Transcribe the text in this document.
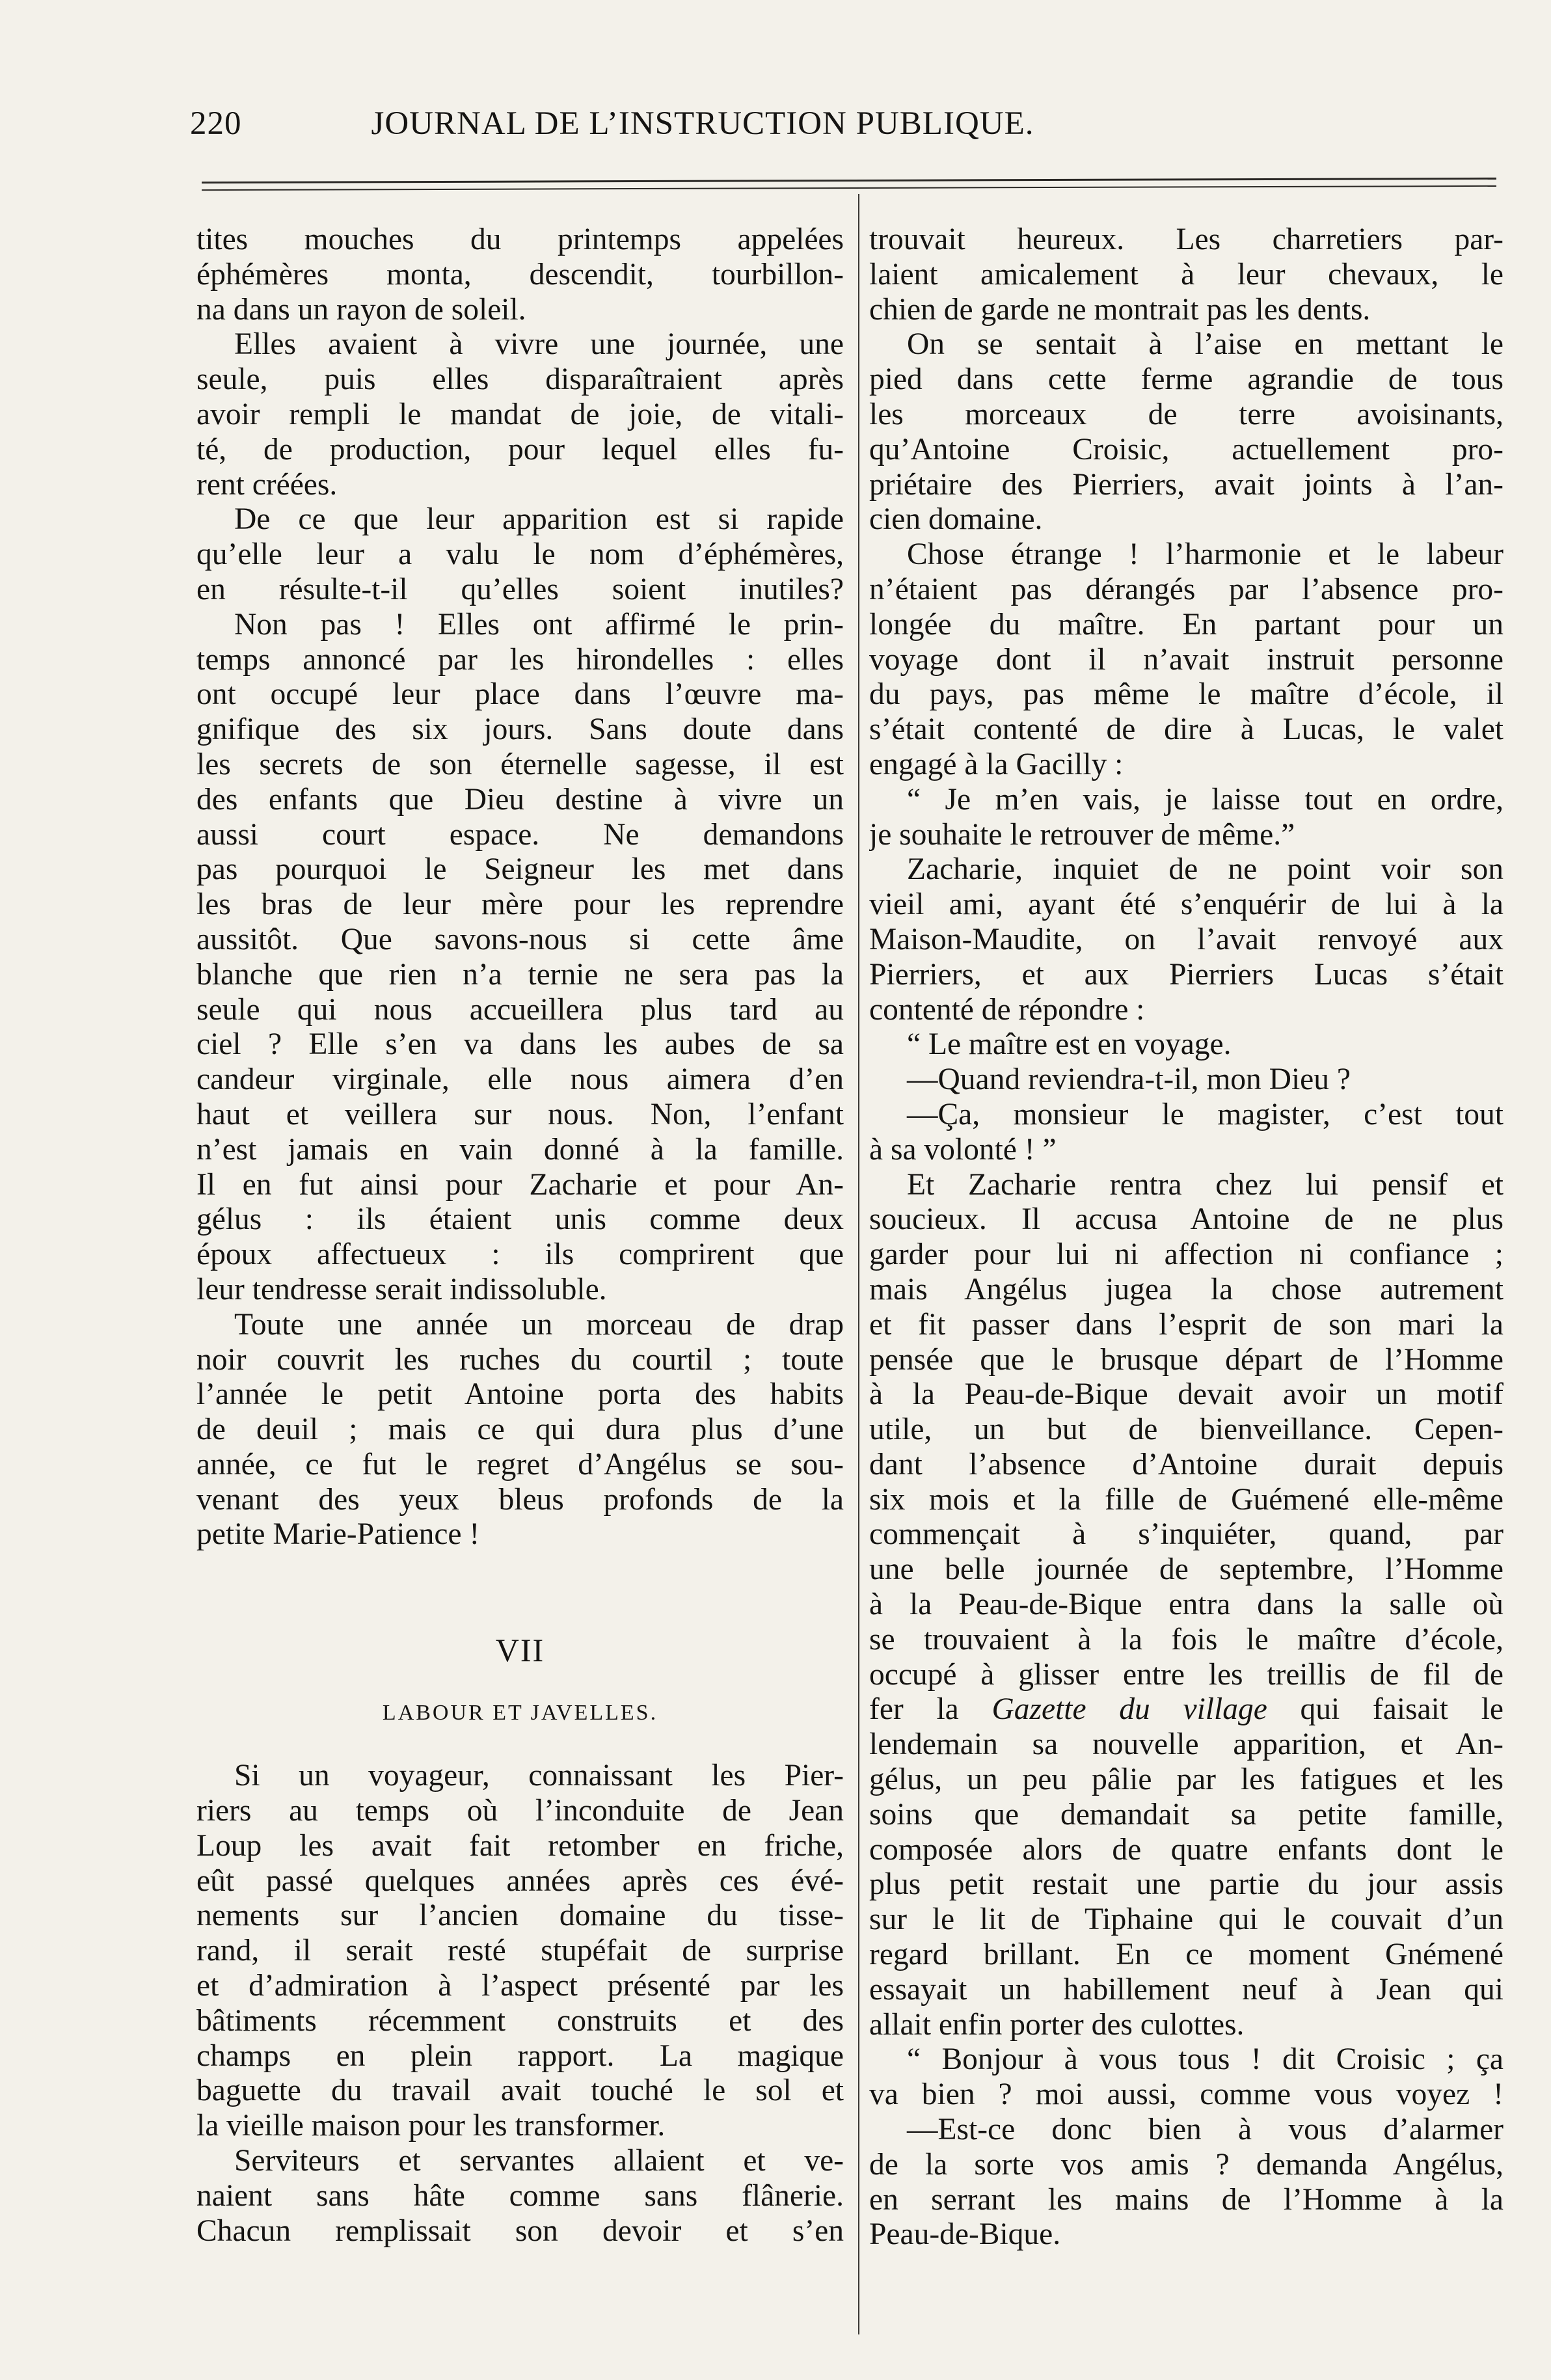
220	JOURNAL DE L’INSTRUCTION PUBLIQUE.
tites mouches du printemps appelées
éphémères monta, descendit, tourbillon-
na dans un rayon de soleil.
Elles avaient à vivre une journée, une
seule, puis elles disparaîtraient après
avoir rempli le mandat de joie, de vitali-
té, de production, pour lequel elles fu-
rent créées.
De ce que leur apparition est si rapide
qu’elle leur a valu le nom d’éphémères,
en résulte-t-il qu’elles soient inutiles?
Non pas ! Elles ont affirmé le prin-
temps annoncé par les hirondelles : elles
ont occupé leur place dans l’œuvre ma-
gnifique des six jours. Sans doute dans
les secrets de son éternelle sagesse, il est
des enfants que Dieu destine à vivre un
aussi court espace. Ne demandons
pas pourquoi le Seigneur les met dans
les bras de leur mère pour les reprendre
aussitôt. Que savons-nous si cette âme
blanche que rien n’a ternie ne sera pas la
seule qui nous accueillera plus tard au
ciel ? Elle s’en va dans les aubes de sa
candeur virginale, elle nous aimera d’en
haut et veillera sur nous. Non, l’enfant
n’est jamais en vain donné à la famille.
Il en fut ainsi pour Zacharie et pour An-
gélus : ils étaient unis comme deux
époux affectueux : ils comprirent que
leur tendresse serait indissoluble.
Toute une année un morceau de drap
noir couvrit les ruches du courtil ; toute
l’année le petit Antoine porta des habits
de deuil ; mais ce qui dura plus d’une
année, ce fut le regret d’Angélus se sou-
venant des yeux bleus profonds de la
petite Marie-Patience !
VII
LABOUR ET JAVELLES.
Si un voyageur, connaissant les Pier-
riers au temps où l’inconduite de Jean
Loup les avait fait retomber en friche,
eût passé quelques années après ces évé-
nements sur l’ancien domaine du tisse-
rand, il serait resté stupéfait de surprise
et d’admiration à l’aspect présenté par les
bâtiments récemment construits et des
champs en plein rapport. La magique
baguette du travail avait touché le sol et
la vieille maison pour les transformer.
Serviteurs et servantes allaient et ve-
naient sans hâte comme sans flânerie.
Chacun remplissait son devoir et s’en
trouvait heureux. Les charretiers par-
laient amicalement à leur chevaux, le
chien de garde ne montrait pas les dents.
On se sentait à l’aise en mettant le
pied dans cette ferme agrandie de tous
les morceaux de terre avoisinants,
qu’Antoine Croisic, actuellement pro-
priétaire des Pierriers, avait joints à l’an-
cien domaine.
Chose étrange ! l’harmonie et le labeur
n’étaient pas dérangés par l’absence pro-
longée du maître. En partant pour un
voyage dont il n’avait instruit personne
du pays, pas même le maître d’école, il
s’était contenté de dire à Lucas, le valet
engagé à la Gacilly :
“ Je m’en vais, je laisse tout en ordre,
je souhaite le retrouver de même.”
Zacharie, inquiet de ne point voir son
vieil ami, ayant été s’enquérir de lui à la
Maison-Maudite, on l’avait renvoyé aux
Pierriers, et aux Pierriers Lucas s’était
contenté de répondre :
“ Le maître est en voyage.
—Quand reviendra-t-il, mon Dieu ?
—Ça, monsieur le magister, c’est tout
à sa volonté ! ”
Et Zacharie rentra chez lui pensif et
soucieux. Il accusa Antoine de ne plus
garder pour lui ni affection ni confiance ;
mais Angélus jugea la chose autrement
et fit passer dans l’esprit de son mari la
pensée que le brusque départ de l’Homme
à la Peau-de-Bique devait avoir un motif
utile, un but de bienveillance. Cepen-
dant l’absence d’Antoine durait depuis
six mois et la fille de Guémené elle-même
commençait à s’inquiéter, quand, par
une belle journée de septembre, l’Homme
à la Peau-de-Bique entra dans la salle où
se trouvaient à la fois le maître d’école,
occupé à glisser entre les treillis de fil de
fer la Gazette du village qui faisait le
lendemain sa nouvelle apparition, et An-
gélus, un peu pâlie par les fatigues et les
soins que demandait sa petite famille,
composée alors de quatre enfants dont le
plus petit restait une partie du jour assis
sur le lit de Tiphaine qui le couvait d’un
regard brillant. En ce moment Gnémené
essayait un habillement neuf à Jean qui
allait enfin porter des culottes.
“ Bonjour à vous tous ! dit Croisic ; ça
va bien ? moi aussi, comme vous voyez !
—Est-ce donc bien à vous d’alarmer
de la sorte vos amis ? demanda Angélus,
en serrant les mains de l’Homme à la
Peau-de-Bique.
